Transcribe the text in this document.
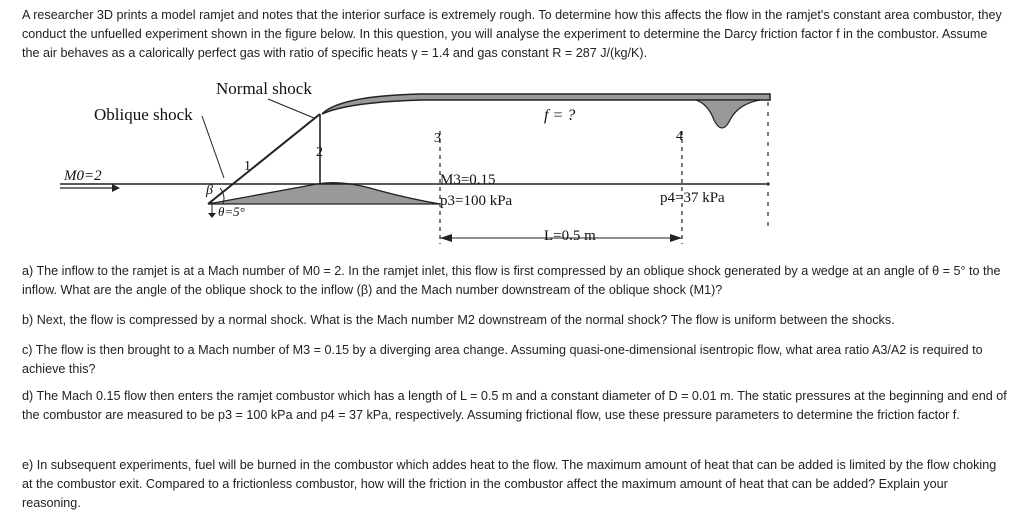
A researcher 3D prints a model ramjet and notes that the interior surface is extremely rough. To determine how this affects the flow in the ramjet's constant area combustor, they conduct the unfuelled experiment shown in the figure below. In this question, you will analyse the experiment to determine the Darcy friction factor f in the combustor. Assume the air behaves as a calorically perfect gas with ratio of specific heats γ = 1.4 and gas constant R = 287 J/(kg/K).

Normal shock
Oblique shock	f = ?
1
2
3	4
M0=2
β
θ=5°
M3=0.15
p3=100 kPa	p4=37 kPa
L=0.5 m

a) The inflow to the ramjet is at a Mach number of M0 = 2. In the ramjet inlet, this flow is first compressed by an oblique shock generated by a wedge at an angle of θ = 5° to the inflow. What are the angle of the oblique shock to the inflow (β) and the Mach number downstream of the oblique shock (M1)?

b) Next, the flow is compressed by a normal shock. What is the Mach number M2 downstream of the normal shock? The flow is uniform between the shocks.

c) The flow is then brought to a Mach number of M3 = 0.15 by a diverging area change. Assuming quasi-one-dimensional isentropic flow, what area ratio A3/A2 is required to achieve this?

d) The Mach 0.15 flow then enters the ramjet combustor which has a length of L = 0.5 m and a constant diameter of D = 0.01 m. The static pressures at the beginning and end of the combustor are measured to be p3 = 100 kPa and p4 = 37 kPa, respectively. Assuming frictional flow, use these pressure parameters to determine the friction factor f.

e) In subsequent experiments, fuel will be burned in the combustor which addes heat to the flow. The maximum amount of heat that can be added is limited by the flow choking at the combustor exit. Compared to a frictionless combustor, how will the friction in the combustor affect the maximum amount of heat that can be added? Explain your reasoning.
